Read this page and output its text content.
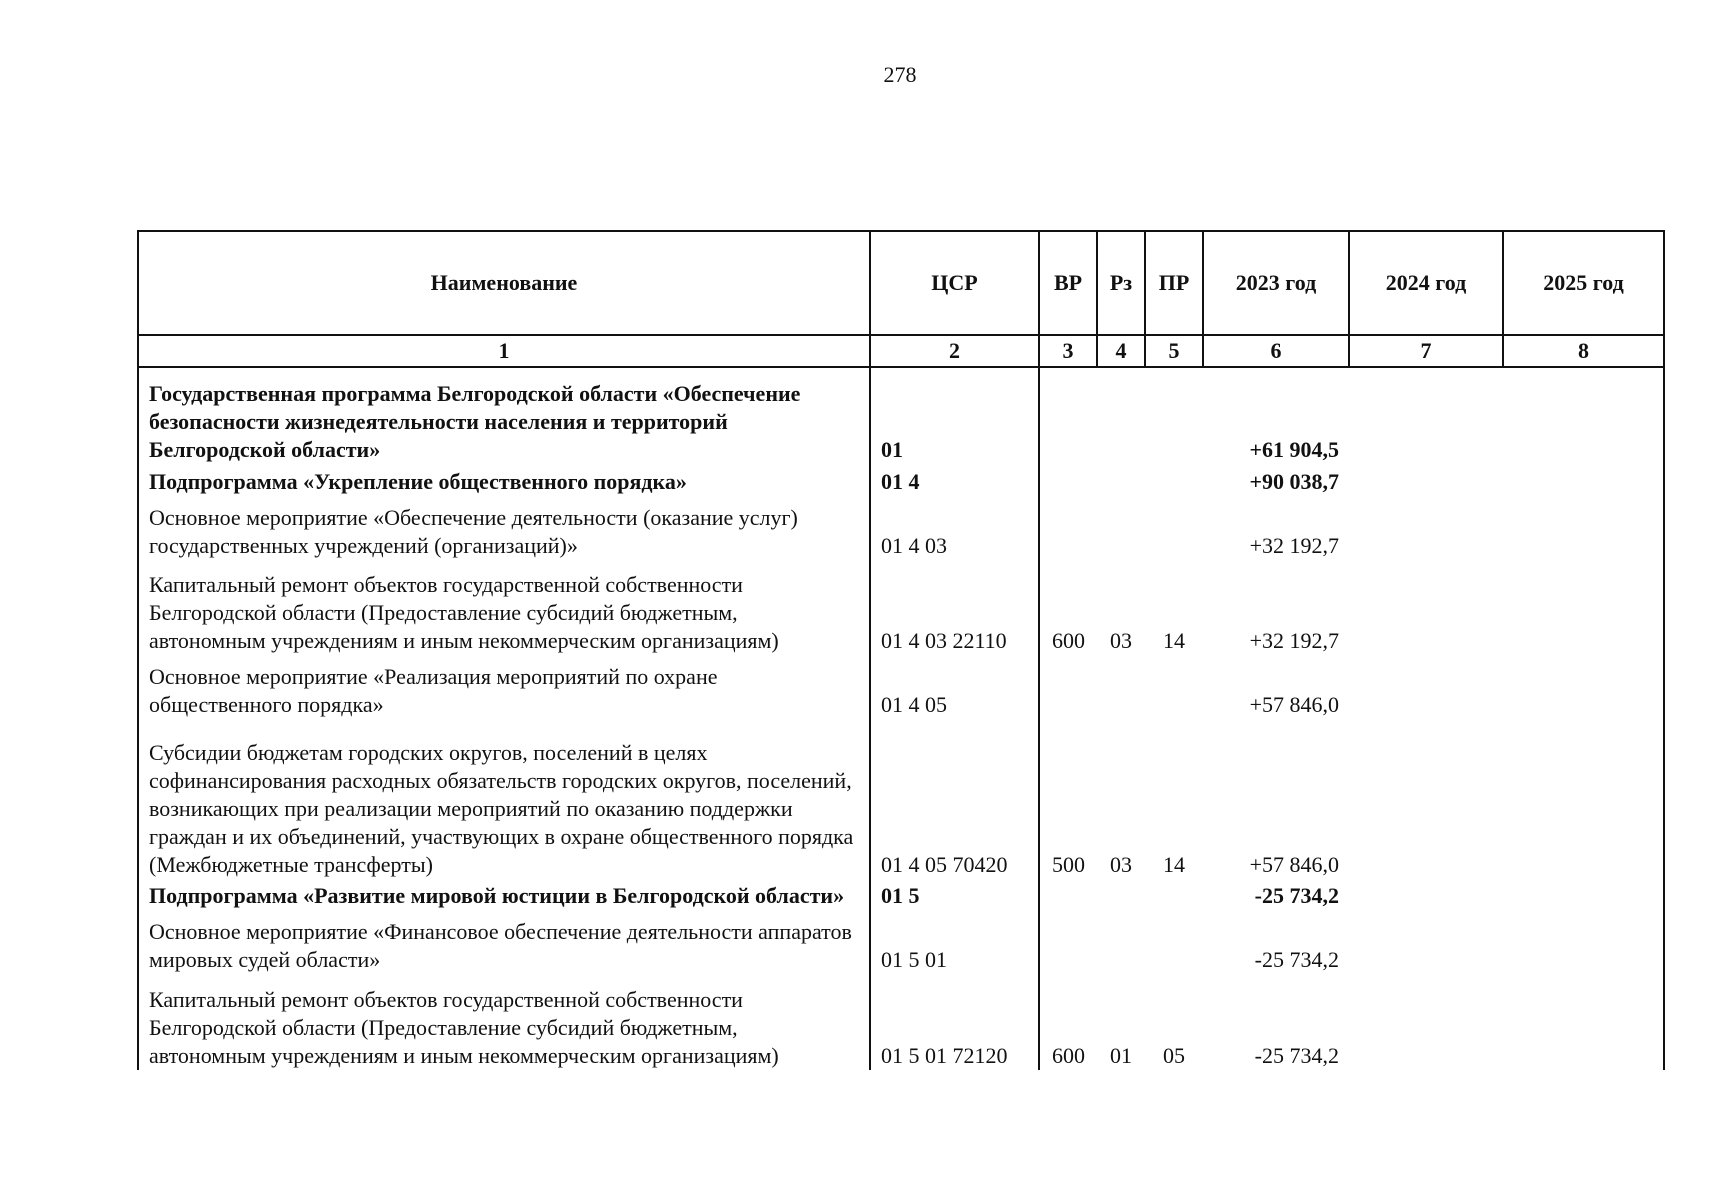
278
Наименование	ЦСР	ВР	Рз	ПР	2023 год	2024 год	2025 год
1	2	3	4	5	6	7	8
Государственная программа Белгородской области «Обеспечение безопасности жизнедеятельности населения и территорий Белгородской области»	01				+61 904,5		
Подпрограмма «Укрепление общественного порядка»	01 4				+90 038,7		
Основное мероприятие «Обеспечение деятельности (оказание услуг) государственных учреждений (организаций)»	01 4 03				+32 192,7		
Капитальный ремонт объектов государственной собственности Белгородской области (Предоставление субсидий бюджетным, автономным учреждениям и иным некоммерческим организациям)	01 4 03 22110	600	03	14	+32 192,7		
Основное мероприятие «Реализация мероприятий по охране общественного порядка»	01 4 05				+57 846,0		
Субсидии бюджетам городских округов, поселений в целях софинансирования расходных обязательств городских округов, поселений, возникающих при реализации мероприятий по оказанию поддержки граждан и их объединений, участвующих в охране общественного порядка (Межбюджетные трансферты)	01 4 05 70420	500	03	14	+57 846,0		
Подпрограмма «Развитие мировой юстиции в Белгородской области»	01 5				-25 734,2		
Основное мероприятие «Финансовое обеспечение деятельности аппаратов мировых судей области»	01 5 01				-25 734,2		
Капитальный ремонт объектов государственной собственности Белгородской области (Предоставление субсидий бюджетным, автономным учреждениям и иным некоммерческим организациям)	01 5 01 72120	600	01	05	-25 734,2		
